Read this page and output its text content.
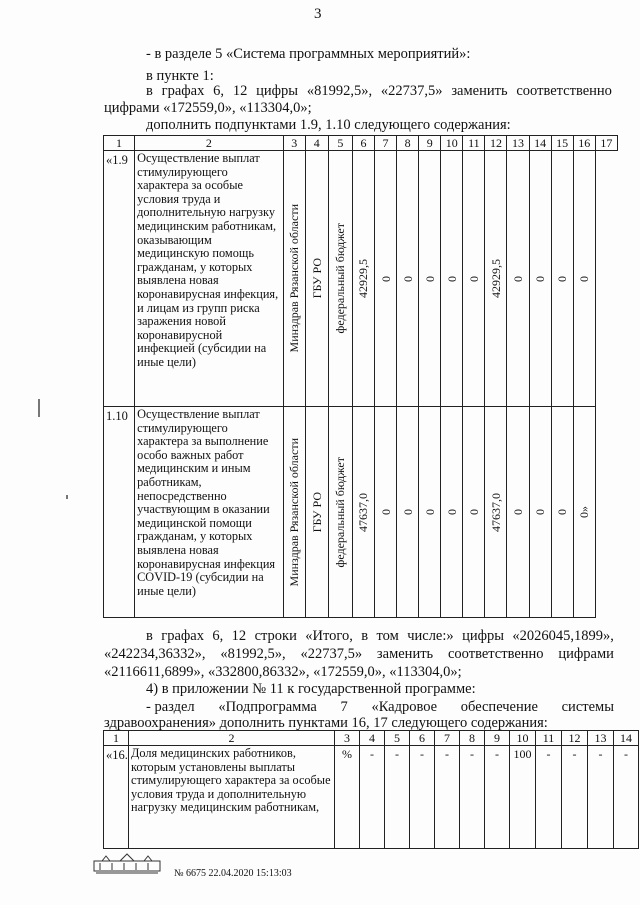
3
- в разделе 5 «Система программных мероприятий»:
в пункте 1:
в графах 6, 12 цифры «81992,5», «22737,5» заменить соответственно
цифрами «172559,0», «113304,0»;
дополнить подпунктами 1.9, 1.10 следующего содержания:
1	2	3	4	5	6	7	8	9	10	11	12	13	14	15	16	17
«1.9	Осуществление выплат стимулирующего характера за особые условия труда и дополнительную нагрузку медицинским работникам, оказывающим медицинскую помощь гражданам, у которых выявлена новая коронавирусная инфекция, и лицам из групп риска заражения новой коронавирусной инфекцией (субсидии на иные цели)	Минздрав Рязанской области	ГБУ РО	федеральный бюджет	42929,5	0	0	0	0	0	42929,5	0	0	0	0	

1.10	Осуществление выплат стимулирующего характера за выполнение особо важных работ медицинским и иным работникам, непосредственно участвующим в оказании медицинской помощи гражданам, у которых выявлена новая коронавирусная инфекция COVID-19 (субсидии на иные цели)	Минздрав Рязанской области	ГБУ РО	федеральный бюджет	47637,0	0	0	0	0	0	47637,0	0	0	0	0»	
в графах 6, 12 строки «Итого, в том числе:» цифры «2026045,1899»,
«242234,36332», «81992,5», «22737,5» заменить соответственно цифрами
«2116611,6899», «332800,86332», «172559,0», «113304,0»;
4) в приложении № 11 к государственной программе:
- раздел «Подпрограмма 7 «Кадровое обеспечение системы
здравоохранения» дополнить пунктами 16, 17 следующего содержания:
1	2	3	4	5	6	7	8	9	10	11	12	13	14
«16.	Доля медицинских работников, которым установлены выплаты стимулирующего характера за особые условия труда и дополнительную нагрузку медицинским работникам,	%	-	-	-	-	-	-	100	-	-	-	-
№ 6675 22.04.2020 15:13:03
